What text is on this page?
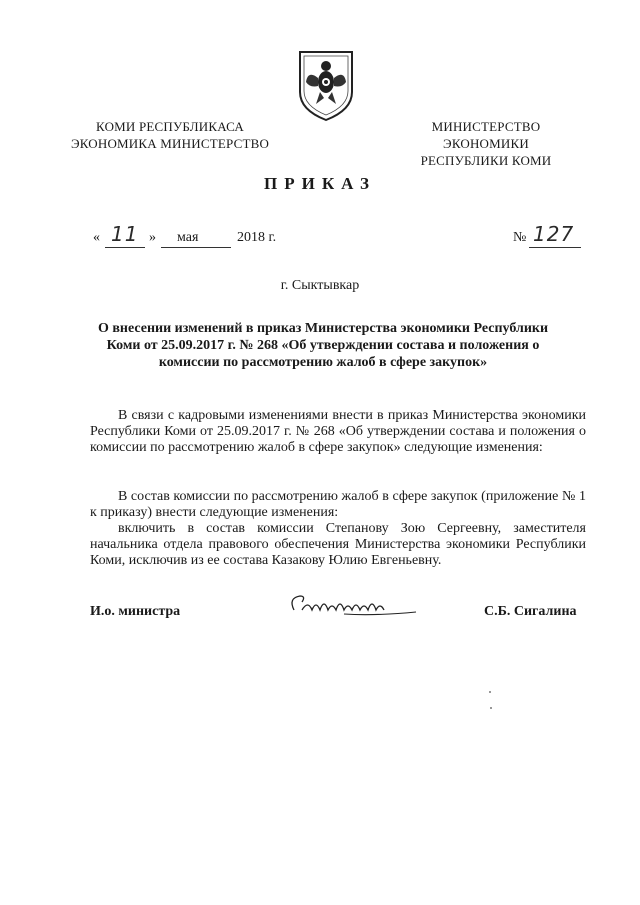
КОМИ РЕСПУБЛИКАСА
ЭКОНОМИКА МИНИСТЕРСТВО
МИНИСТЕРСТВО ЭКОНОМИКИ
РЕСПУБЛИКИ КОМИ
ПРИКАЗ
« 11 » мая	2018 г.	№ 127
г. Сыктывкар
О внесении изменений в приказ Министерства экономики Республики Коми от 25.09.2017 г. № 268 «Об утверждении состава и положения о комиссии по рассмотрению жалоб в сфере закупок»
В связи с кадровыми изменениями внести в приказ Министерства экономики Республики Коми от 25.09.2017 г. № 268 «Об утверждении состава и положения о комиссии по рассмотрению жалоб в сфере закупок» следующие изменения:
В состав комиссии по рассмотрению жалоб в сфере закупок (приложение № 1 к приказу) внести следующие изменения:
включить в состав комиссии Степанову Зою Сергеевну, заместителя начальника отдела правового обеспечения Министерства экономики Республики Коми, исключив из ее состава Казакову Юлию Евгеньевну.
И.о. министра	С.Б. Сигалина
